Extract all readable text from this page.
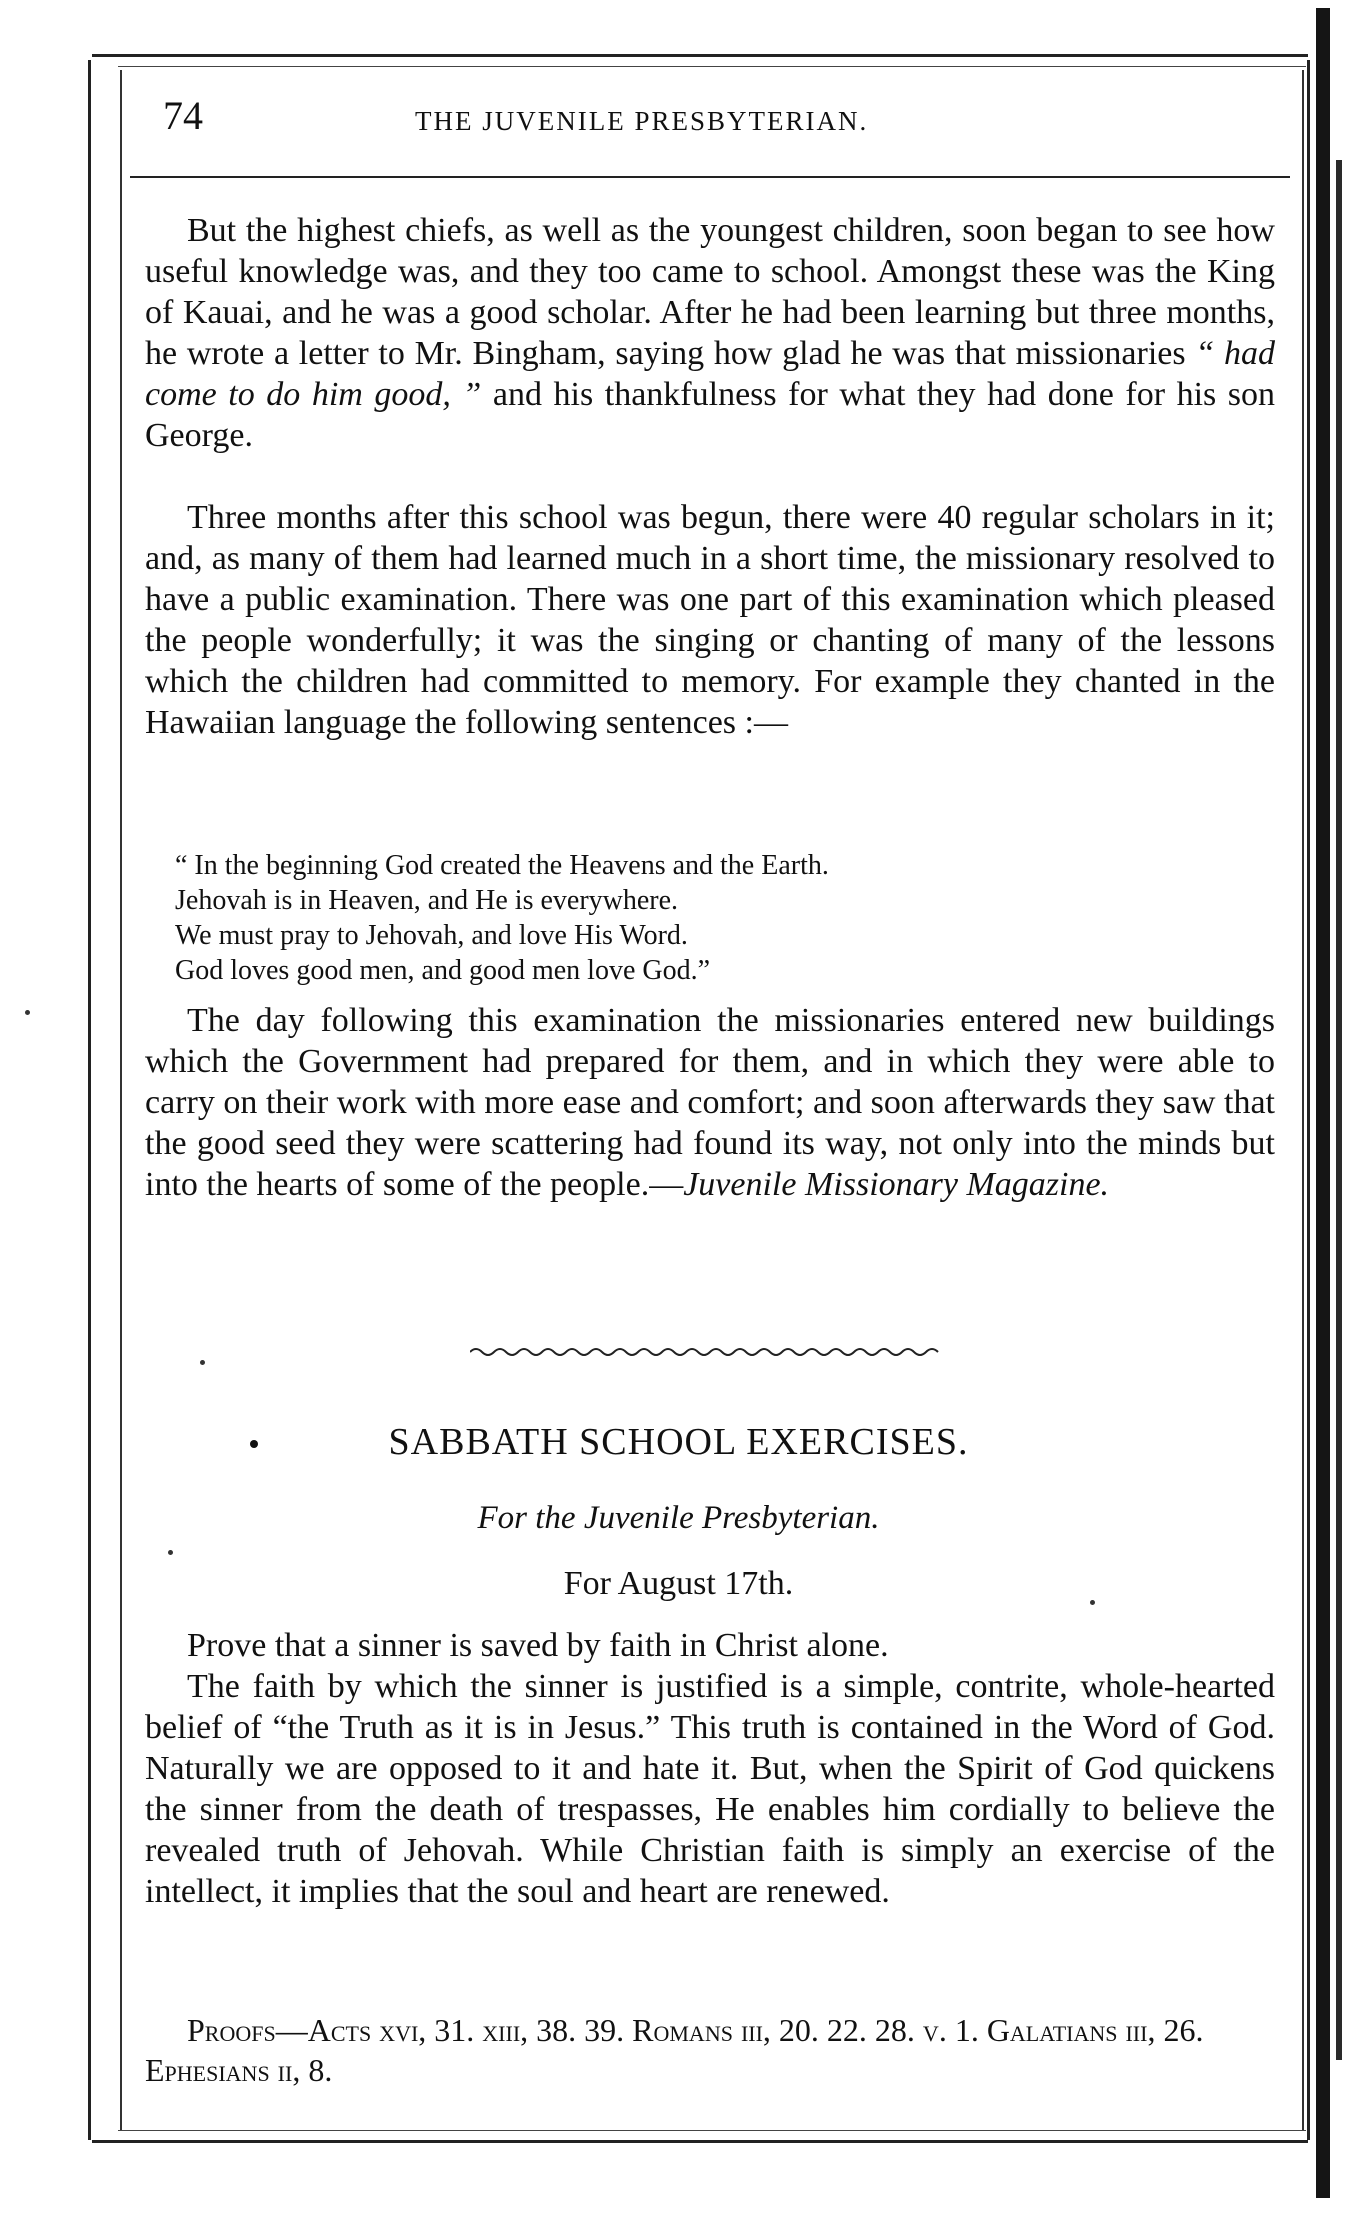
74	THE JUVENILE PRESBYTERIAN.

But the highest chiefs, as well as the youngest children, soon began to see how useful knowledge was, and they too came to school. Amongst these was the King of Kauai, and he was a good scholar. After he had been learning but three months, he wrote a letter to Mr. Bingham, saying how glad he was that missionaries “ had come to do him good, ” and his thankfulness for what they had done for his son George.

Three months after this school was begun, there were 40 regular scholars in it; and, as many of them had learned much in a short time, the missionary resolved to have a public examination. There was one part of this examination which pleased the people wonderfully; it was the singing or chanting of many of the lessons which the children had committed to memory. For example they chanted in the Hawaiian language the following sentences :—

“ In the beginning God created the Heavens and the Earth.
Jehovah is in Heaven, and He is everywhere.
We must pray to Jehovah, and love His Word.
God loves good men, and good men love God.”

The day following this examination the missionaries entered new buildings which the Government had prepared for them, and in which they were able to carry on their work with more ease and comfort; and soon afterwards they saw that the good seed they were scattering had found its way, not only into the minds but into the hearts of some of the people.—Juvenile Missionary Magazine.

SABBATH SCHOOL EXERCISES.
For the Juvenile Presbyterian.
For August 17th.

Prove that a sinner is saved by faith in Christ alone.

The faith by which the sinner is justified is a simple, contrite, whole-hearted belief of “the Truth as it is in Jesus.” This truth is contained in the Word of God. Naturally we are opposed to it and hate it. But, when the Spirit of God quickens the sinner from the death of trespasses, He enables him cordially to believe the revealed truth of Jehovah. While Christian faith is simply an exercise of the intellect, it implies that the soul and heart are renewed.

Proofs—Acts xvi, 31. xiii, 38. 39. Romans iii, 20. 22. 28. v. 1. Galatians iii, 26. Ephesians ii, 8.
